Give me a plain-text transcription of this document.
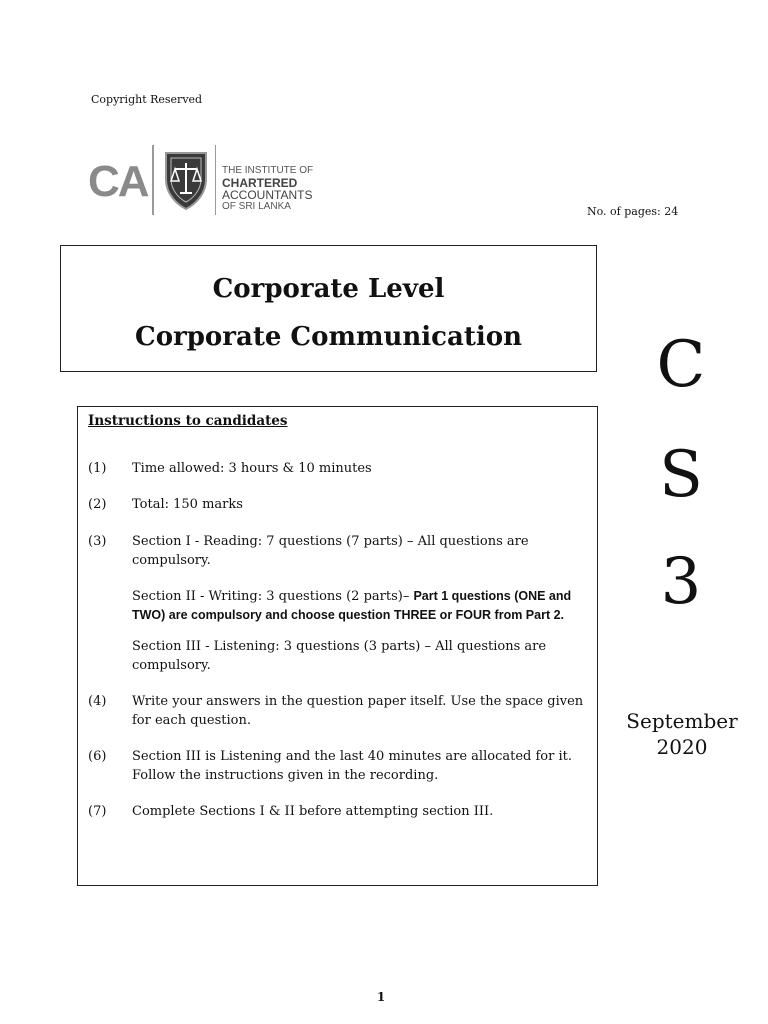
Copyright Reserved
CA	THE INSTITUTE OF
CHARTERED ACCOUNTANTS
OF SRI LANKA	No. of pages: 24
Corporate Level
Corporate Communication	C
S
3
September
2020
Instructions to candidates
(1) Time allowed: 3 hours & 10 minutes
(2) Total: 150 marks
(3) Section I - Reading: 7 questions (7 parts) – All questions are compulsory.
Section II - Writing: 3 questions (2 parts)– Part 1 questions (ONE and TWO) are compulsory and choose question THREE or FOUR from Part 2.
Section III - Listening: 3 questions (3 parts) – All questions are compulsory.
(4) Write your answers in the question paper itself. Use the space given for each question.
(6) Section III is Listening and the last 40 minutes are allocated for it. Follow the instructions given in the recording.
(7) Complete Sections I & II before attempting section III.
1
